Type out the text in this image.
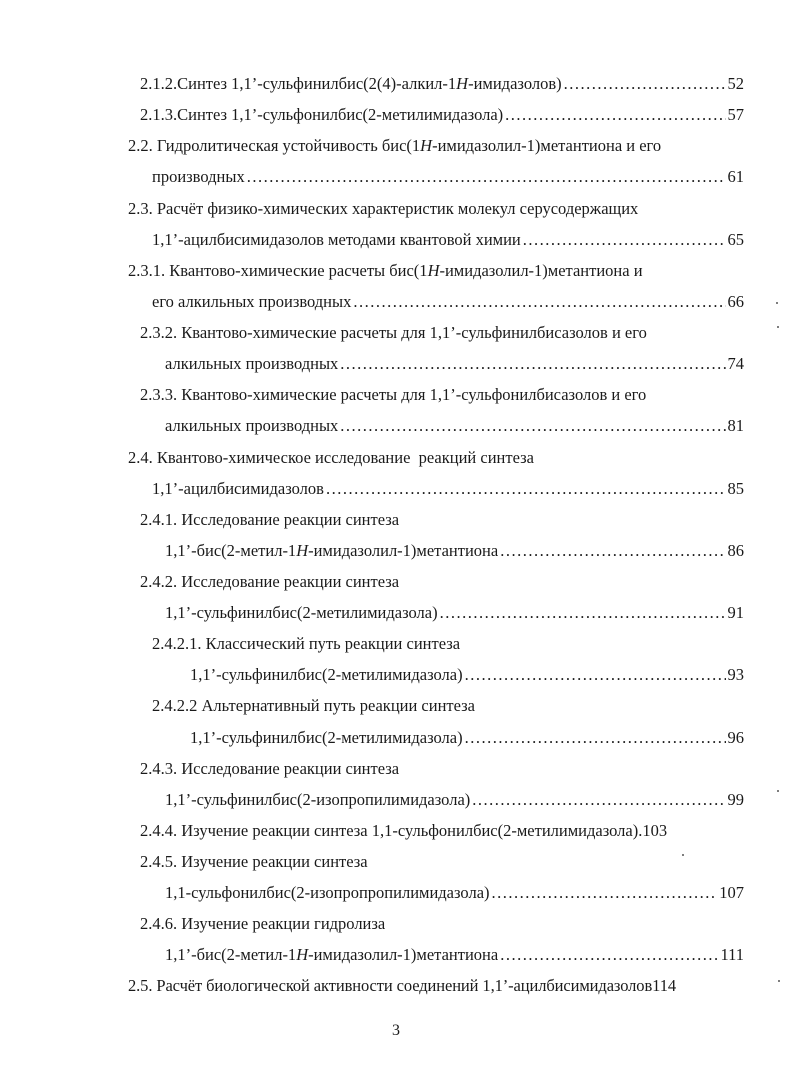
2.1.2.Синтез 1,1’-сульфинилбис(2(4)-алкил-1H-имидазолов) .....	52
2.1.3.Синтез 1,1’-сульфонилбис(2-метилимидазола) .....	57
2.2. Гидролитическая устойчивость бис(1H-имидазолил-1)метантиона и его
производных .....	61
2.3. Расчёт физико-химических характеристик молекул серусодержащих
1,1’-ацилбисимидазолов методами квантовой химии .....	65
2.3.1. Квантово-химические расчеты бис(1H-имидазолил-1)метантиона и
его алкильных производных .....	66
2.3.2. Квантово-химические расчеты для 1,1’-сульфинилбисазолов и его
алкильных производных .....	74
2.3.3. Квантово-химические расчеты для 1,1’-сульфонилбисазолов и его
алкильных производных .....	81
2.4. Квантово-химическое исследование  реакций синтеза
1,1’-ацилбисимидазолов .....	85
2.4.1. Исследование реакции синтеза
1,1’-бис(2-метил-1H-имидазолил-1)метантиона .....	86
2.4.2. Исследование реакции синтеза
1,1’-сульфинилбис(2-метилимидазола) .....	91
2.4.2.1. Классический путь реакции синтеза
1,1’-сульфинилбис(2-метилимидазола) .....	93
2.4.2.2 Альтернативный путь реакции синтеза
1,1’-сульфинилбис(2-метилимидазола) .....	96
2.4.3. Исследование реакции синтеза
1,1’-сульфинилбис(2-изопропилимидазола) .....	99
2.4.4. Изучение реакции синтеза 1,1-сульфонилбис(2-метилимидазола). 103
2.4.5. Изучение реакции синтеза
1,1-сульфонилбис(2-изопропропилимидазола) .....	107
2.4.6. Изучение реакции гидролиза
1,1’-бис(2-метил-1H-имидазолил-1)метантиона .....	111
2.5. Расчёт биологической активности соединений 1,1’-ацилбисимидазолов 114
3
